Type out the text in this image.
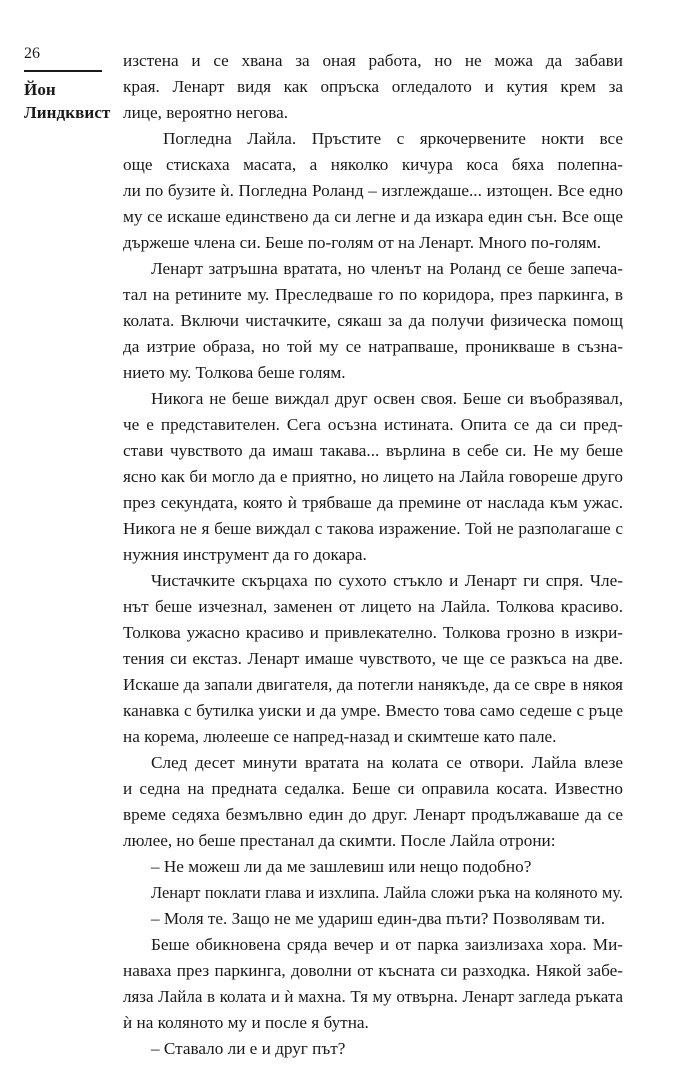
26
Йон
Линдквист
изстена и се хвана за оная работа, но не можа да забави
края. Ленарт видя как опръска огледалото и кутия крем за
лице, вероятно негова.
Погледна Лайла. Пръстите с яркочервените нокти все
още стискаха масата, а няколко кичура коса бяха полепна-
ли по бузите ѝ. Погледна Роланд – изглеждаше... изтощен. Все едно
му се искаше единствено да си легне и да изкара един сън. Все още
държеше члена си. Беше по-голям от на Ленарт. Много по-голям.
Ленарт затръшна вратата, но членът на Роланд се беше запеча-
тал на ретините му. Преследваше го по коридора, през паркинга, в
колата. Включи чистачките, сякаш за да получи физическа помощ
да изтрие образа, но той му се натрапваше, проникваше в съзна-
нието му. Толкова беше голям.
Никога не беше виждал друг освен своя. Беше си въобразявал,
че е представителен. Сега осъзна истината. Опита се да си пред-
стави чувството да имаш такава... върлина в себе си. Не му беше
ясно как би могло да е приятно, но лицето на Лайла говореше друго
през секундата, която ѝ трябваше да премине от наслада към ужас.
Никога не я беше виждал с такова изражение. Той не разполагаше с
нужния инструмент да го докара.
Чистачките скърцаха по сухото стъкло и Ленарт ги спря. Чле-
нът беше изчезнал, заменен от лицето на Лайла. Толкова красиво.
Толкова ужасно красиво и привлекателно. Толкова грозно в изкри-
тения си екстаз. Ленарт имаше чувството, че ще се разкъса на две.
Искаше да запали двигателя, да потегли нанякъде, да се свре в някоя
канавка с бутилка уиски и да умре. Вместо това само седеше с ръце
на корема, люлееше се напред-назад и скимтеше като пале.
След десет минути вратата на колата се отвори. Лайла влезе
и седна на предната седалка. Беше си оправила косата. Известно
време седяха безмълвно един до друг. Ленарт продължаваше да се
люлее, но беше престанал да скимти. После Лайла отрони:
– Не можеш ли да ме зашлевиш или нещо подобно?
Ленарт поклати глава и изхлипа. Лайла сложи ръка на коляното му.
– Моля те. Защо не ме удариш един-два пъти? Позволявам ти.
Беше обикновена сряда вечер и от парка заизлизаха хора. Ми-
наваха през паркинга, доволни от късната си разходка. Някой забе-
ляза Лайла в колата и ѝ махна. Тя му отвърна. Ленарт загледа ръката
ѝ на коляното му и после я бутна.
– Ставало ли е и друг път?
